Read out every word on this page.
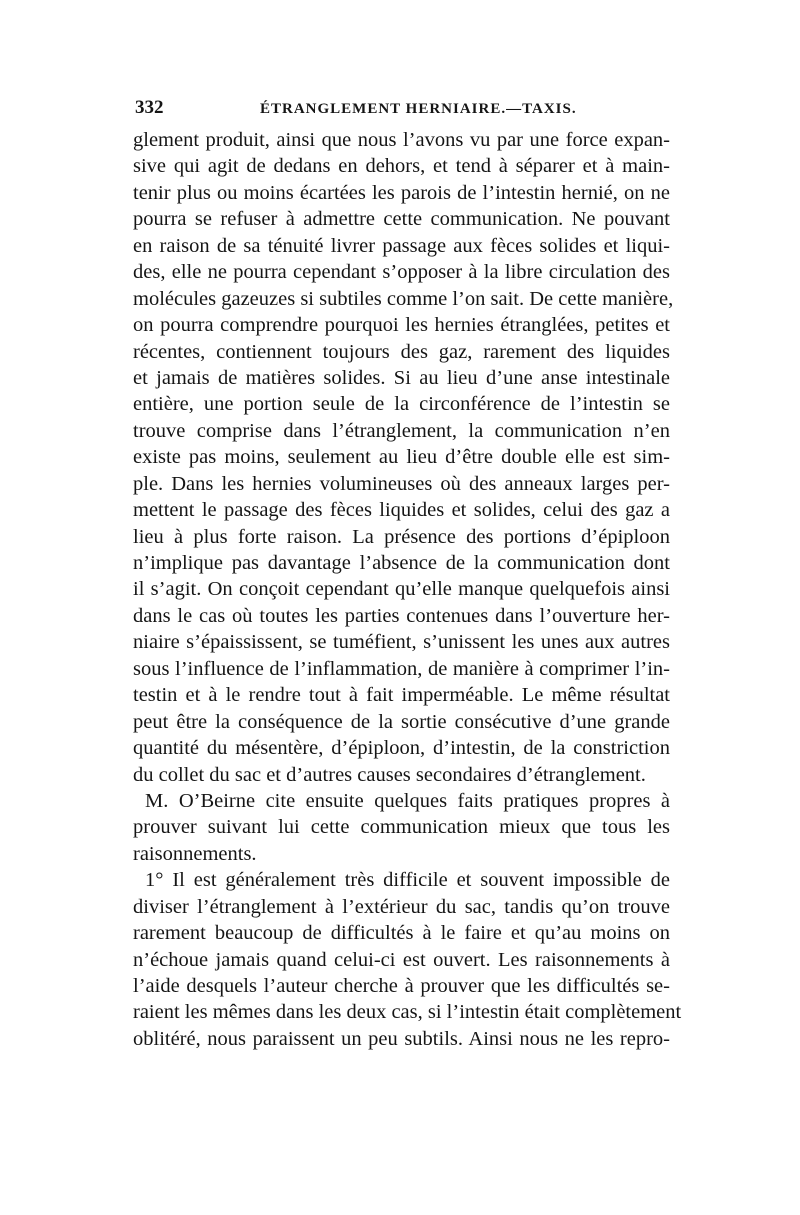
332	ÉTRANGLEMENT HERNIAIRE.—TAXIS.
glement produit, ainsi que nous l’avons vu par une force expan-
sive qui agit de dedans en dehors, et tend à séparer et à main-
tenir plus ou moins écartées les parois de l’intestin hernié, on ne
pourra se refuser à admettre cette communication. Ne pouvant
en raison de sa ténuité livrer passage aux fèces solides et liqui-
des, elle ne pourra cependant s’opposer à la libre circulation des
molécules gazeuzes si subtiles comme l’on sait. De cette manière,
on pourra comprendre pourquoi les hernies étranglées, petites et
récentes, contiennent toujours des gaz, rarement des liquides
et jamais de matières solides. Si au lieu d’une anse intestinale
entière, une portion seule de la circonférence de l’intestin se
trouve comprise dans l’étranglement, la communication n’en
existe pas moins, seulement au lieu d’être double elle est sim-
ple. Dans les hernies volumineuses où des anneaux larges per-
mettent le passage des fèces liquides et solides, celui des gaz a
lieu à plus forte raison. La présence des portions d’épiploon
n’implique pas davantage l’absence de la communication dont
il s’agit. On conçoit cependant qu’elle manque quelquefois ainsi
dans le cas où toutes les parties contenues dans l’ouverture her-
niaire s’épaississent, se tuméfient, s’unissent les unes aux autres
sous l’influence de l’inflammation, de manière à comprimer l’in-
testin et à le rendre tout à fait imperméable. Le même résultat
peut être la conséquence de la sortie consécutive d’une grande
quantité du mésentère, d’épiploon, d’intestin, de la constriction
du collet du sac et d’autres causes secondaires d’étranglement.
M. O’Beirne cite ensuite quelques faits pratiques propres à
prouver suivant lui cette communication mieux que tous les
raisonnements.
1° Il est généralement très difficile et souvent impossible de
diviser l’étranglement à l’extérieur du sac, tandis qu’on trouve
rarement beaucoup de difficultés à le faire et qu’au moins on
n’échoue jamais quand celui-ci est ouvert. Les raisonnements à
l’aide desquels l’auteur cherche à prouver que les difficultés se-
raient les mêmes dans les deux cas, si l’intestin était complètement
oblitéré, nous paraissent un peu subtils. Ainsi nous ne les repro-
